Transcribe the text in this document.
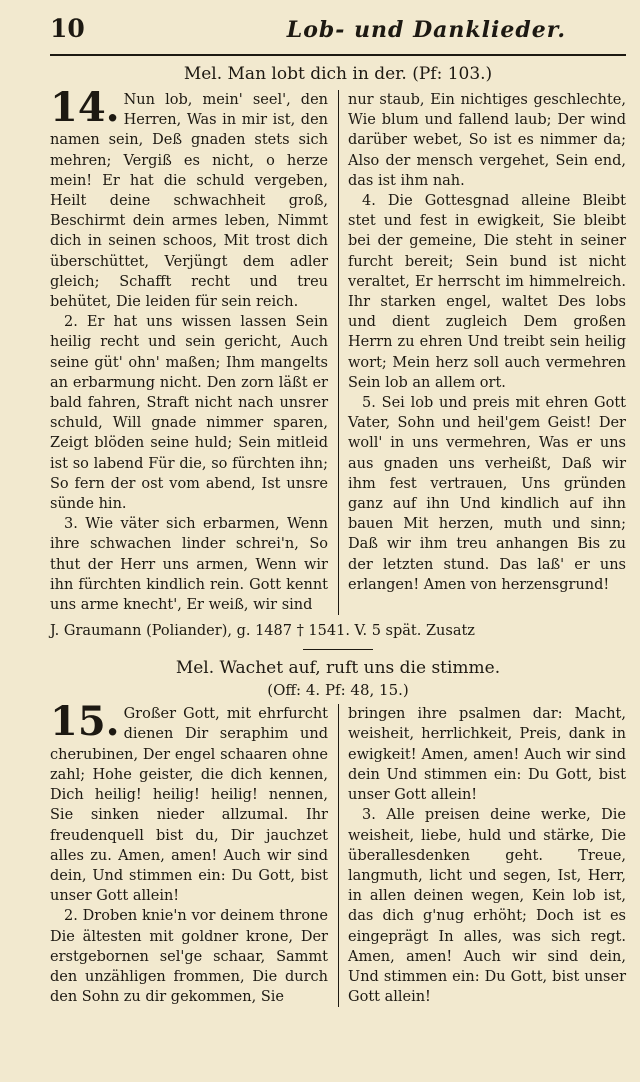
10	Lob- und Danklieder.
Mel. Man lobt dich in der. (Pf: 103.)
14. Nun lob, mein' seel', den Herren, Was in mir ist, den namen sein, Deß gnaden stets sich mehren; Vergiß es nicht, o herze mein! Er hat die schuld vergeben, Heilt deine schwachheit groß, Beschirmt dein armes leben, Nimmt dich in seinen schoos, Mit trost dich überschüttet, Verjüngt dem adler gleich; Schafft recht und treu behütet, Die leiden für sein reich.

2. Er hat uns wissen lassen Sein heilig recht und sein gericht, Auch seine güt' ohn' maßen; Ihm mangelts an erbarmung nicht. Den zorn läßt er bald fahren, Straft nicht nach unsrer schuld, Will gnade nimmer sparen, Zeigt blöden seine huld; Sein mitleid ist so labend Für die, so fürchten ihn; So fern der ost vom abend, Ist unsre sünde hin.

3. Wie väter sich erbarmen, Wenn ihre schwachen linder schrei'n, So thut der Herr uns armen, Wenn wir ihn fürchten kindlich rein. Gott kennt uns arme knecht', Er weiß, wir sind

nur staub, Ein nichtiges geschlechte, Wie blum und fallend laub; Der wind darüber webet, So ist es nimmer da; Also der mensch vergehet, Sein end, das ist ihm nah.

4. Die Gottesgnad alleine Bleibt stet und fest in ewigkeit, Sie bleibt bei der gemeine, Die steht in seiner furcht bereit; Sein bund ist nicht veraltet, Er herrscht im himmelreich. Ihr starken engel, waltet Des lobs und dient zugleich Dem großen Herrn zu ehren Und treibt sein heilig wort; Mein herz soll auch vermehren Sein lob an allem ort.

5. Sei lob und preis mit ehren Gott Vater, Sohn und heil'gem Geist! Der woll' in uns vermehren, Was er uns aus gnaden uns verheißt, Daß wir ihm fest vertrauen, Uns gründen ganz auf ihn Und kindlich auf ihn bauen Mit herzen, muth und sinn; Daß wir ihm treu anhangen Bis zu der letzten stund. Das laß' er uns erlangen! Amen von herzensgrund!

J. Graumann (Poliander), g. 1487 † 1541. V. 5 spät. Zusatz
Mel. Wachet auf, ruft uns die stimme.
(Off: 4. Pf: 48, 15.)
15. Großer Gott, mit ehrfurcht dienen Dir seraphim und cherubinen, Der engel schaaren ohne zahl; Hohe geister, die dich kennen, Dich heilig! heilig! heilig! nennen, Sie sinken nieder allzumal. Ihr freudenquell bist du, Dir jauchzet alles zu. Amen, amen! Auch wir sind dein, Und stimmen ein: Du Gott, bist unser Gott allein!

2. Droben knie'n vor deinem throne Die ältesten mit goldner krone, Der erstgebornen sel'ge schaar, Sammt den unzähligen frommen, Die durch den Sohn zu dir gekommen, Sie

bringen ihre psalmen dar: Macht, weisheit, herrlichkeit, Preis, dank in ewigkeit! Amen, amen! Auch wir sind dein Und stimmen ein: Du Gott, bist unser Gott allein!

3. Alle preisen deine werke, Die weisheit, liebe, huld und stärke, Die überallesdenken geht. Treue, langmuth, licht und segen, Ist, Herr, in allen deinen wegen, Kein lob ist, das dich g'nug erhöht; Doch ist es eingeprägt In alles, was sich regt. Amen, amen! Auch wir sind dein, Und stimmen ein: Du Gott, bist unser Gott allein!
